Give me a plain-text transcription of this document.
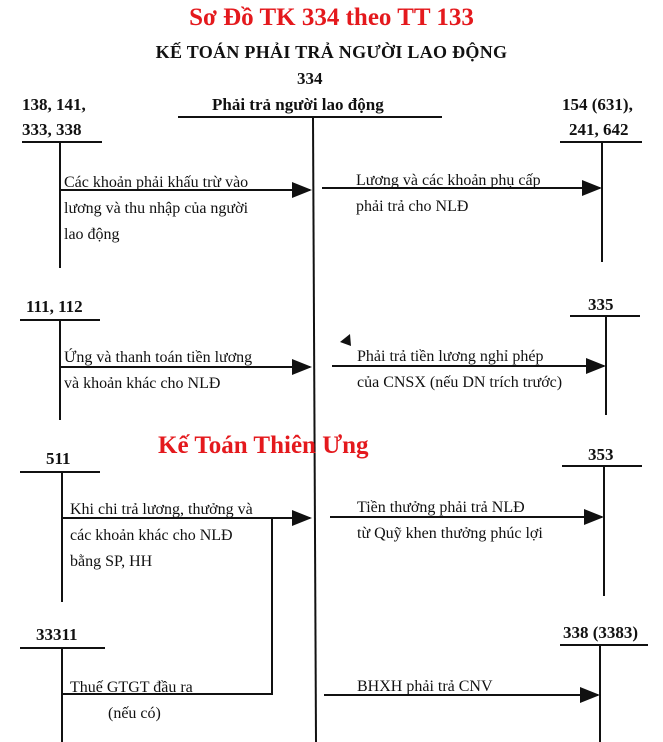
Sơ Đồ TK 334 theo TT 133
KẾ TOÁN PHẢI TRẢ NGƯỜI LAO ĐỘNG
334
Phải trả người lao động
138, 141,
333, 338
111, 112
511
33311
154 (631),
241, 642
335
353
338 (3383)
Các khoản phải khấu trừ vào
lương và thu nhập của người
lao động
Ứng và thanh toán tiền lương
và khoản khác cho NLĐ
Khi chi trả lương, thưởng và
các khoản khác cho NLĐ
bằng SP, HH
Thuế GTGT đầu ra
(nếu có)
Lương và các khoản phụ cấp
phải trả cho NLĐ
Phải trả tiền lương nghỉ phép
của CNSX (nếu DN trích trước)
Tiền thưởng phải trả NLĐ
từ Quỹ khen thưởng phúc lợi
BHXH phải trả CNV
Kế Toán Thiên Ưng
